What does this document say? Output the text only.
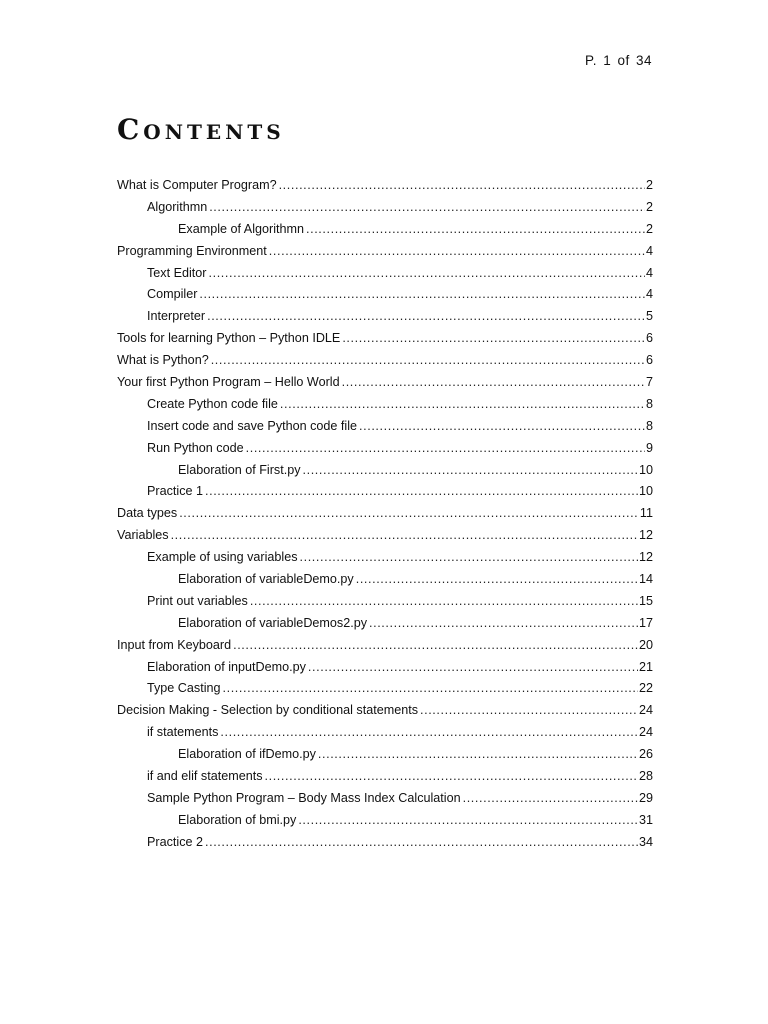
P. 1 of 34
Contents
What is Computer Program? .....	2
Algorithmn .....	2
Example of Algorithmn .....	2
Programming Environment .....	4
Text Editor .....	4
Compiler .....	4
Interpreter .....	5
Tools for learning Python – Python IDLE .....	6
What is Python? .....	6
Your first Python Program – Hello World .....	7
Create Python code file .....	8
Insert code and save Python code file .....	8
Run Python code .....	9
Elaboration of First.py .....	10
Practice 1 .....	10
Data types .....	11
Variables .....	12
Example of using variables .....	12
Elaboration of variableDemo.py .....	14
Print out variables .....	15
Elaboration of variableDemos2.py .....	17
Input from Keyboard .....	20
Elaboration of inputDemo.py .....	21
Type Casting .....	22
Decision Making - Selection by conditional statements .....	24
if statements .....	24
Elaboration of ifDemo.py .....	26
if and elif statements .....	28
Sample Python Program – Body Mass Index Calculation .....	29
Elaboration of bmi.py .....	31
Practice 2 .....	34
